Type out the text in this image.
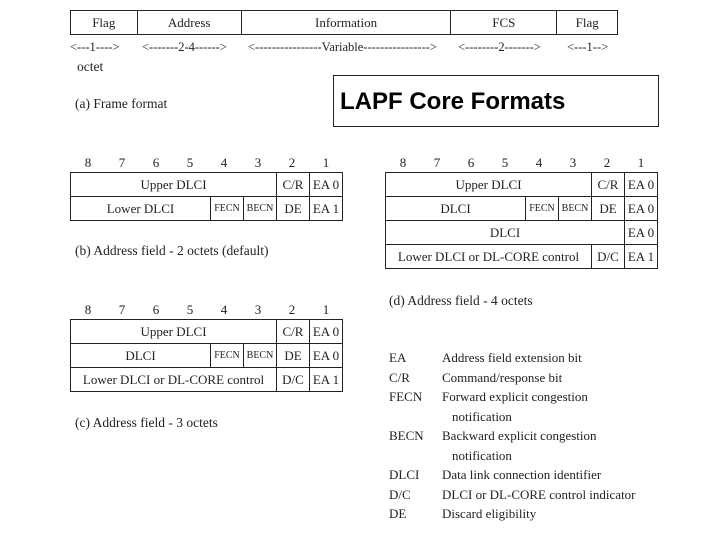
Flag	Address	Information	FCS	Flag
<---1----> <-------2-4------> <----------------Variable----------------> <--------2-------> <---1-->
octet
(a) Frame format	LAPF Core Formats
8 7 6 5 4 3 2 1
Upper DLCI			C/R	EA 0
Lower DLCI	FECN	BECN	DE	EA 1
(b) Address field - 2 octets (default)
8 7 6 5 4 3 2 1
Upper DLCI			C/R	EA 0
DLCI	FECN	BECN	DE	EA 0
DLCI				EA 0
Lower DLCI or DL-CORE control			D/C	EA 1
(d) Address field - 4 octets
8 7 6 5 4 3 2 1
Upper DLCI			C/R	EA 0
DLCI	FECN	BECN	DE	EA 0
Lower DLCI or DL-CORE control			D/C	EA 1
(c) Address field - 3 octets
EA	Address field extension bit
C/R Command/response bit
FECN Forward explicit congestion
notification
BECN Backward explicit congestion
notification
DLCI Data link connection identifier
D/C DLCI or DL-CORE control indicator
DE	Discard eligibility
